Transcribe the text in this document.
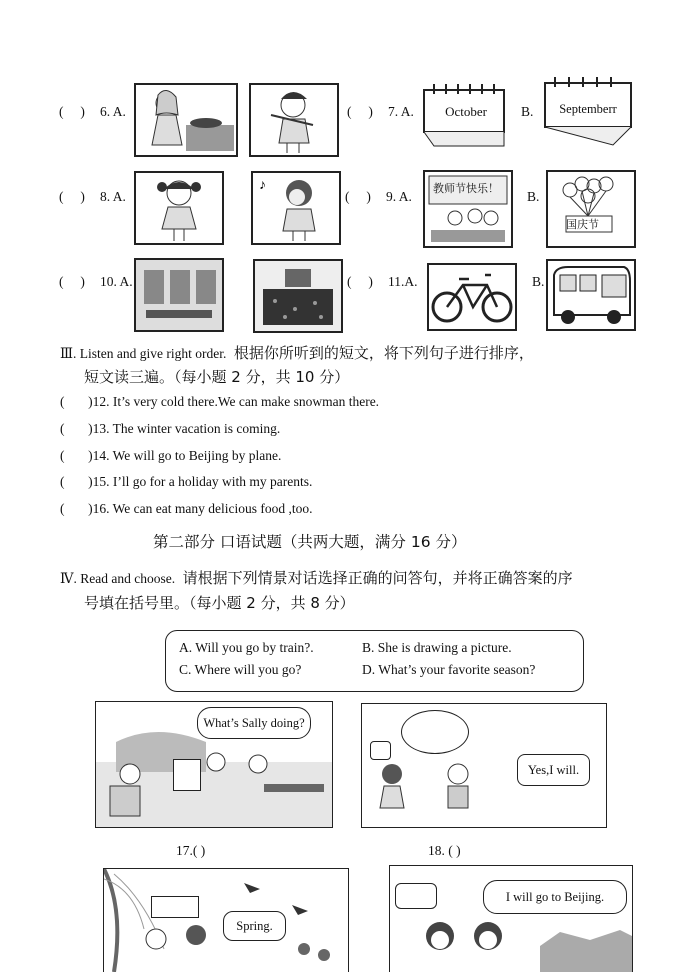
( ) 6. A.	( ) 7. A.	October	B.	Septemberr
( ) 8. A.
♪
( ) 9. A.
教师节快乐！
B.
国庆节
( ) 10. A.	( ) 11.A.	B.
Ⅲ. Listen and give right order. 根据你所听到的短文，将下列句子进行排序，
短文读三遍。（每小题 2 分，共 10 分）
(       )12. It’s very cold there.We can make snowman there.
(       )13. The winter vacation is coming.
(       )14. We will go to Beijing by plane.
(       )15. I’ll go for a holiday with my parents.
(       )16. We can eat many delicious food ,too.
第二部分 口语试题（共两大题，满分 16 分）
Ⅳ. Read and choose. 请根据下列情景对话选择正确的问答句，并将正确答案的序
号填在括号里。（每小题 2 分，共 8 分）
A. Will you go by train?.	B. She is drawing a picture.
C. Where will you go?	D. What’s your favorite season?
What’s Sally doing?
Yes,I will.
17.( )	18. ( )
Spring.
I will go to Beijing.
